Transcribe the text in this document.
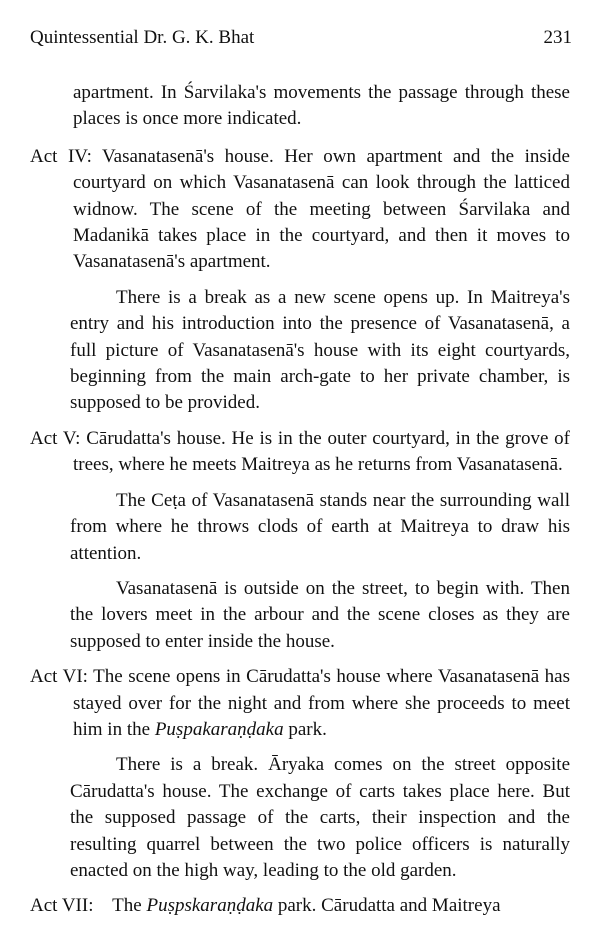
Quintessential Dr. G. K. Bhat	231

apartment. In Śarvilaka's movements the passage through these places is once more indicated.

Act IV: Vasanatasenā's house. Her own apartment and the inside courtyard on which Vasanatasenā can look through the latticed widnow. The scene of the meeting between Śarvilaka and Madanikā takes place in the courtyard, and then it moves to Vasanatasenā's apartment.

There is a break as a new scene opens up. In Maitreya's entry and his introduction into the presence of Vasanatasenā, a full picture of Vasanatasenā's house with its eight courtyards, beginning from the main arch-gate to her private chamber, is supposed to be provided.

Act V: Cārudatta's house. He is in the outer courtyard, in the grove of trees, where he meets Maitreya as he returns from Vasanatasenā.

The Ceṭa of Vasanatasenā stands near the surrounding wall from where he throws clods of earth at Maitreya to draw his attention.

Vasanatasenā is outside on the street, to begin with. Then the lovers meet in the arbour and the scene closes as they are supposed to enter inside the house.

Act VI: The scene opens in Cārudatta's house where Vasanatasenā has stayed over for the night and from where she proceeds to meet him in the Puṣpakaraṇḍaka park.

There is a break. Āryaka comes on the street opposite Cārudatta's house. The exchange of carts takes place here. But the supposed passage of the carts, their inspection and the resulting quarrel between the two police officers is naturally enacted on the high way, leading to the old garden.

Act VII: The Puṣpskaraṇḍaka park. Cārudatta and Maitreya
